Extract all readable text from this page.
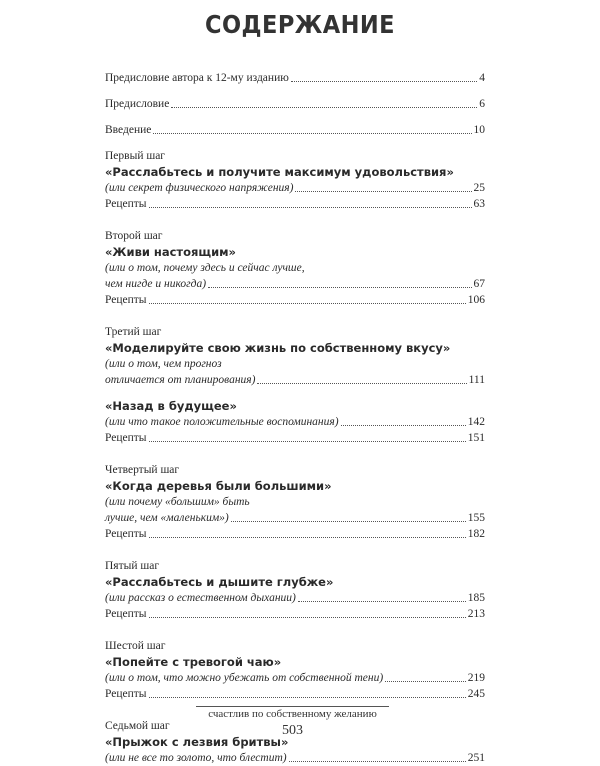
СОДЕРЖАНИЕ
Предисловие автора к 12-му изданию	4
Предисловие	6
Введение	10
Первый шаг
«Расслабьтесь и получите максимум удовольствия»
(или секрет физического напряжения)	25
Рецепты	63
Второй шаг
«Живи настоящим»
(или о том, почему здесь и сейчас лучше,
чем нигде и никогда)	67
Рецепты	106
Третий шаг
«Моделируйте свою жизнь по собственному вкусу»
(или о том, чем прогноз
отличается от планирования)	111
«Назад в будущее»
(или что такое положительные воспоминания)	142
Рецепты	151
Четвертый шаг
«Когда деревья были большими»
(или почему «большим» быть
лучше, чем «маленьким»)	155
Рецепты	182
Пятый шаг
«Расслабьтесь и дышите глубже»
(или рассказ о естественном дыхании)	185
Рецепты	213
Шестой шаг
«Попейте с тревогой чаю»
(или о том, что можно убежать от собственной тени)	219
Рецепты	245
Седьмой шаг
«Прыжок с лезвия бритвы»
(или не все то золото, что блестит)	251
счастлив по собственному желанию
503
